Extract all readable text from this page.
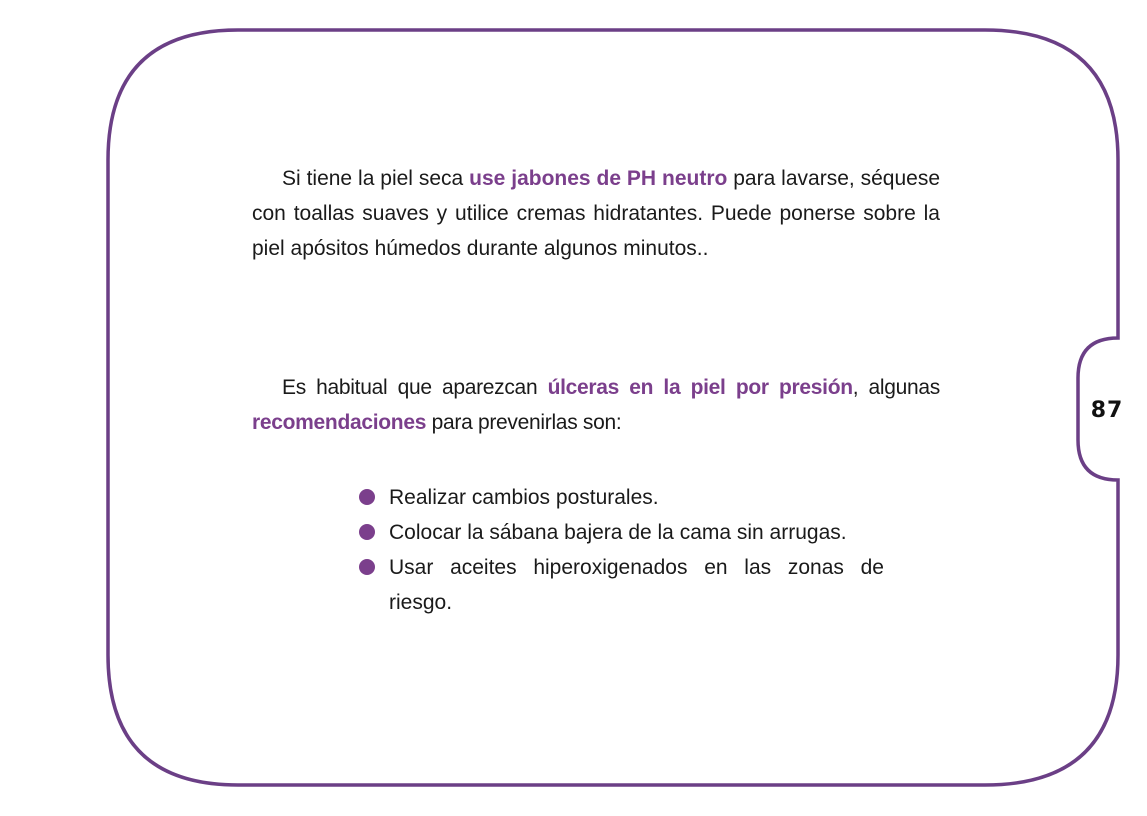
Si tiene la piel seca use jabones de PH neutro para lavarse, séquese con toallas suaves y utilice cremas hidratantes. Puede ponerse sobre la piel apósitos húmedos durante algunos minutos..

Es habitual que aparezcan úlceras en la piel por presión, algunas recomendaciones para prevenirlas son:

Realizar cambios posturales.
Colocar la sábana bajera de la cama sin arrugas.
Usar aceites hiperoxigenados en las zonas de riesgo.
87
